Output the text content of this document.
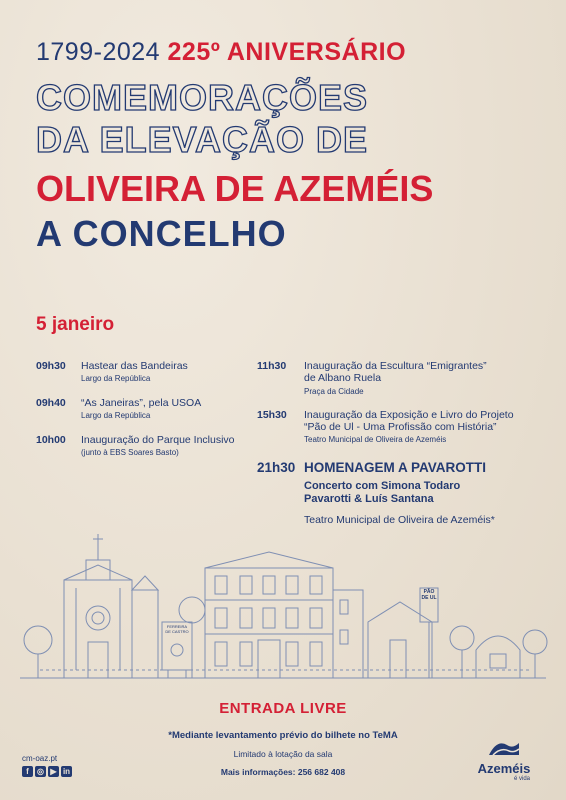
1799-2024 225º ANIVERSÁRIO
COMEMORAÇÕES
DA ELEVAÇÃO DE
OLIVEIRA DE AZEMÉIS
A CONCELHO
5 janeiro
09h30 Hastear das Bandeiras
Largo da República
09h40 “As Janeiras”, pela USOA
Largo da República
10h00 Inauguração do Parque Inclusivo
(junto à EBS Soares Basto)
11h30 Inauguração da Escultura “Emigrantes”
de Albano Ruela
Praça da Cidade
15h30 Inauguração da Exposição e Livro do Projeto
“Pão de Ul - Uma Profissão com História”
Teatro Municipal de Oliveira de Azeméis
21h30 HOMENAGEM A PAVAROTTI
Concerto com Simona Todaro
Pavarotti & Luís Santana
Teatro Municipal de Oliveira de Azeméis*
PÃO DE UL
FERREIRA DE CASTRO
ENTRADA LIVRE
*Mediante levantamento prévio do bilhete no TeMA
Limitado à lotação da sala
Mais informações: 256 682 408
cm-oaz.pt
f	◎ ▶ in	Azeméis
é vida
